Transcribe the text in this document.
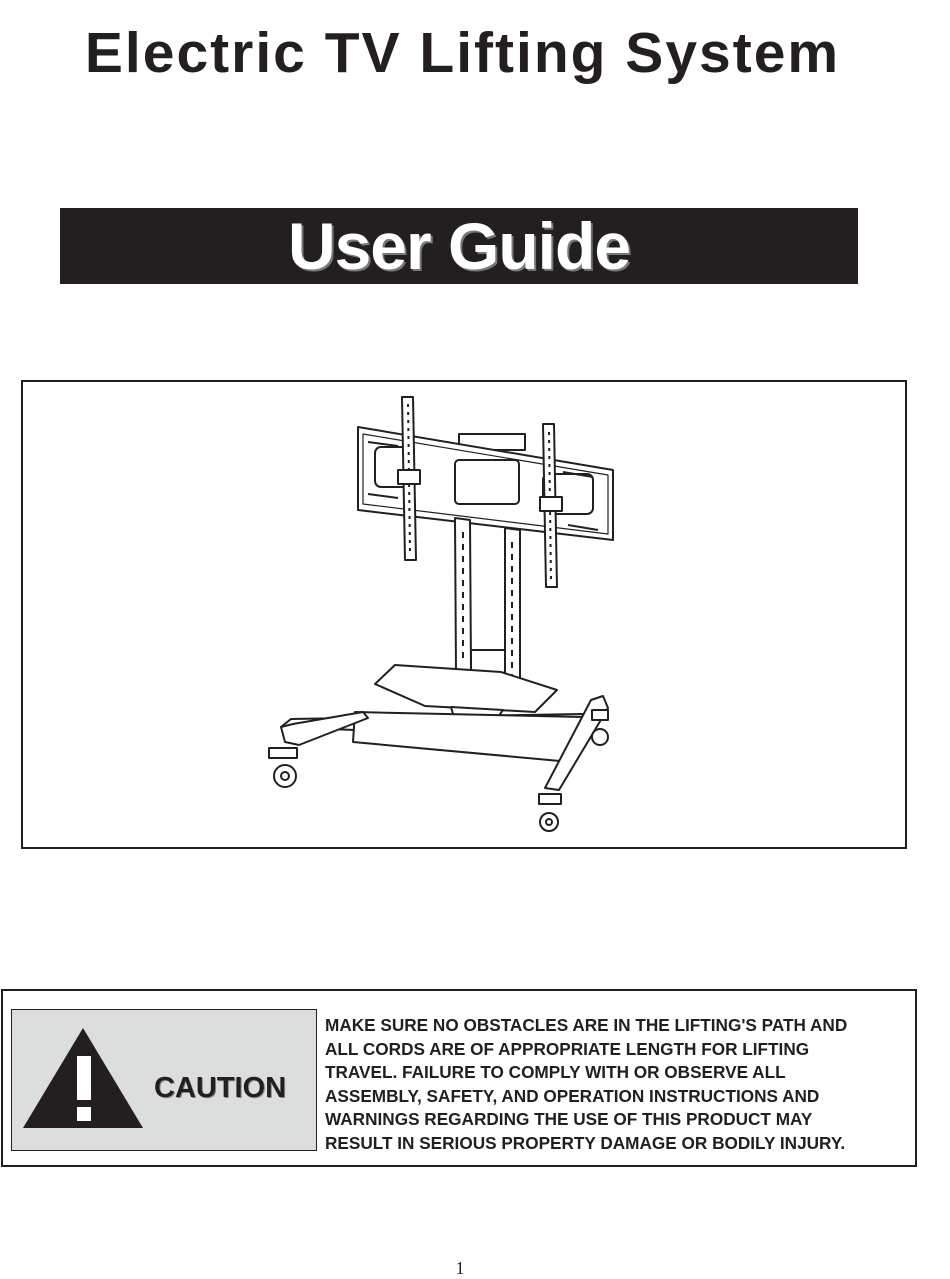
Electric TV Lifting System
User Guide
CAUTION
MAKE SURE NO OBSTACLES ARE IN THE LIFTING'S PATH AND
ALL CORDS ARE OF APPROPRIATE LENGTH FOR LIFTING
TRAVEL. FAILURE TO COMPLY WITH OR OBSERVE ALL
ASSEMBLY, SAFETY, AND OPERATION INSTRUCTIONS AND
WARNINGS REGARDING THE USE OF THIS PRODUCT MAY
RESULT IN SERIOUS PROPERTY DAMAGE OR BODILY INJURY.
1
